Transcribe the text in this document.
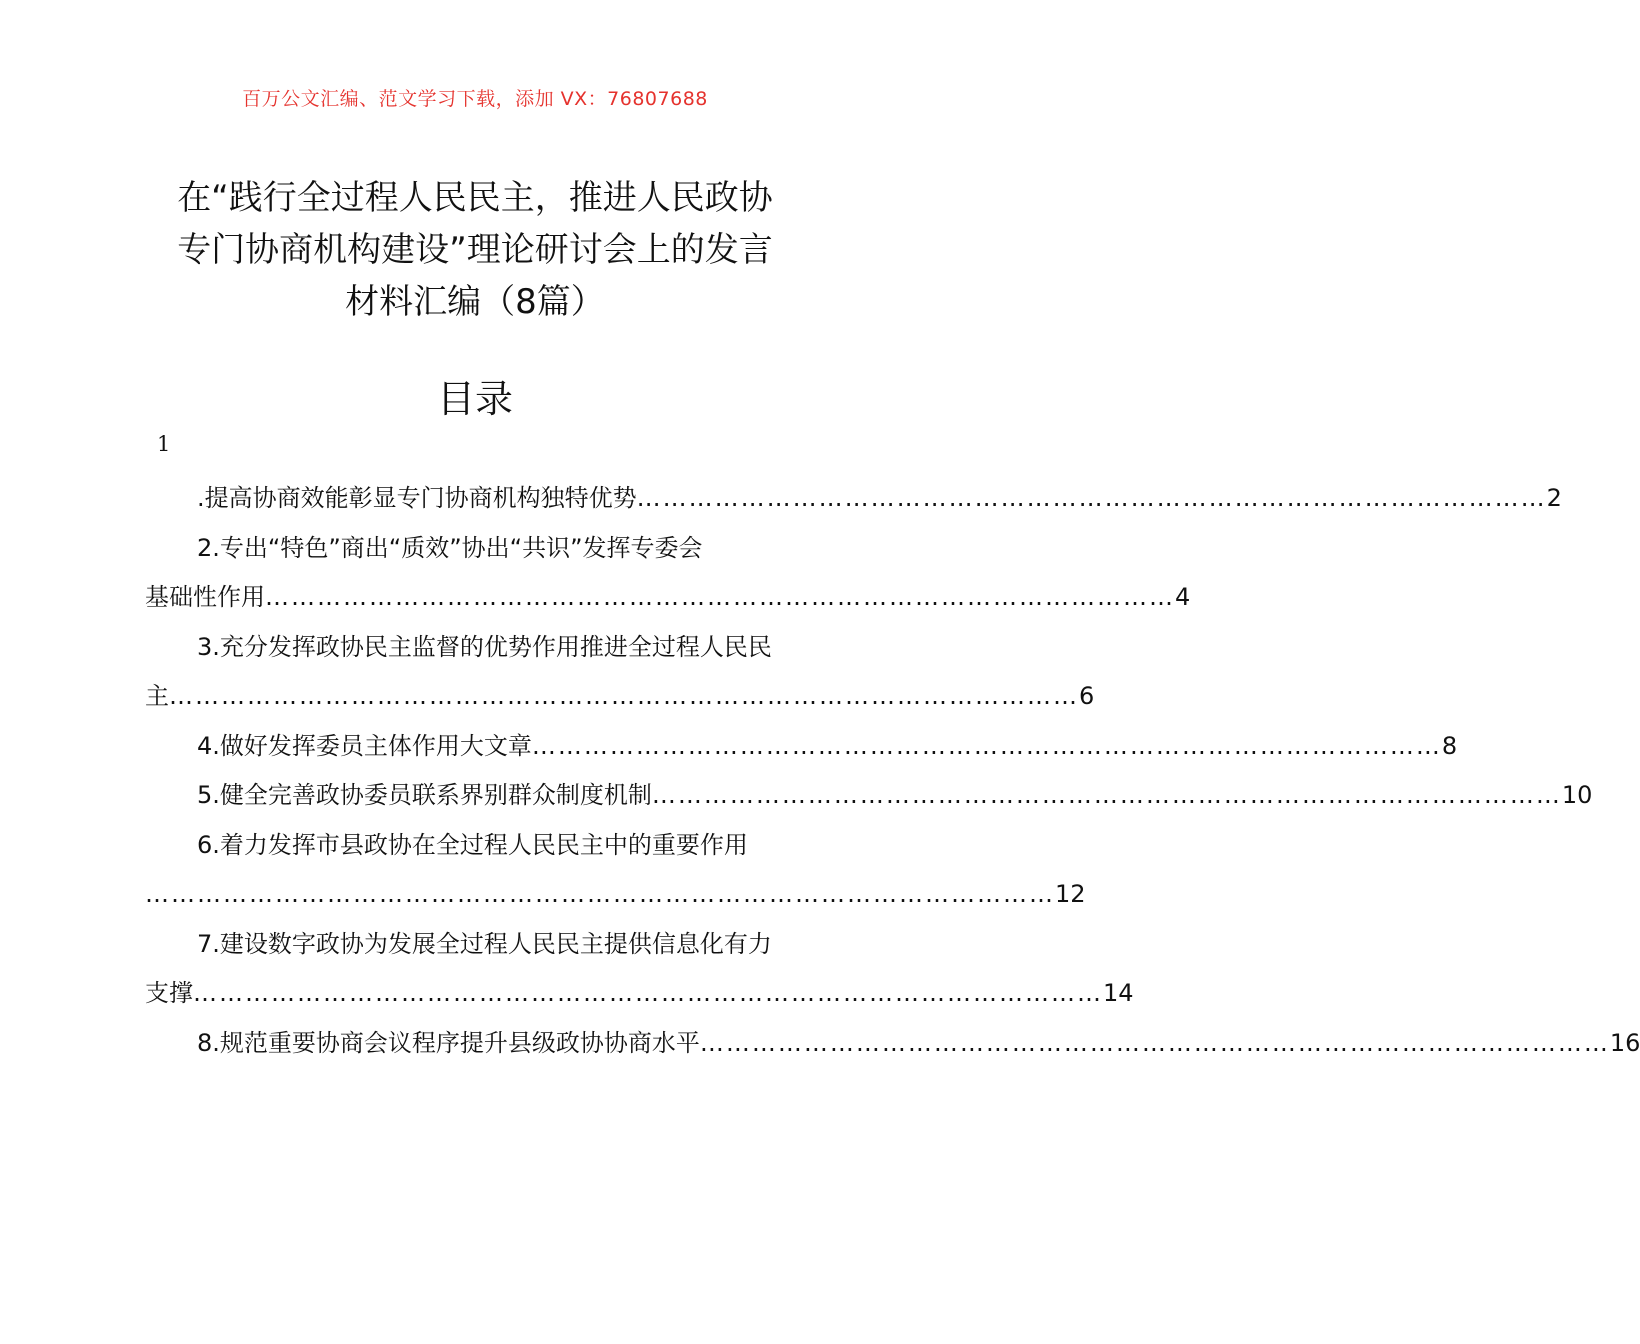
百万公文汇编、范文学习下载，添加 VX：76807688
在“践行全过程人民民主，推进人民政协
专门协商机构建设”理论研讨会上的发言
材料汇编（8篇）
目录
1
.提高协商效能彰显专门协商机构独特优势 …………………………………………………………………………………………… 2
2.专出“特色”商出“质效”协出“共识”发挥专委会
基础性作用 …………………………………………………………………………………………… 4
3.充分发挥政协民主监督的优势作用推进全过程人民民
主 …………………………………………………………………………………………… 6
4.做好发挥委员主体作用大文章 …………………………………………………………………………………………… 8
5.健全完善政协委员联系界别群众制度机制 …………………………………………………………………………………………… 10
6.着力发挥市县政协在全过程人民民主中的重要作用
…………………………………………………………………………………………… 12
7.建设数字政协为发展全过程人民民主提供信息化有力
支撑 …………………………………………………………………………………………… 14
8.规范重要协商会议程序提升县级政协协商水平 …………………………………………………………………………………………… 16
